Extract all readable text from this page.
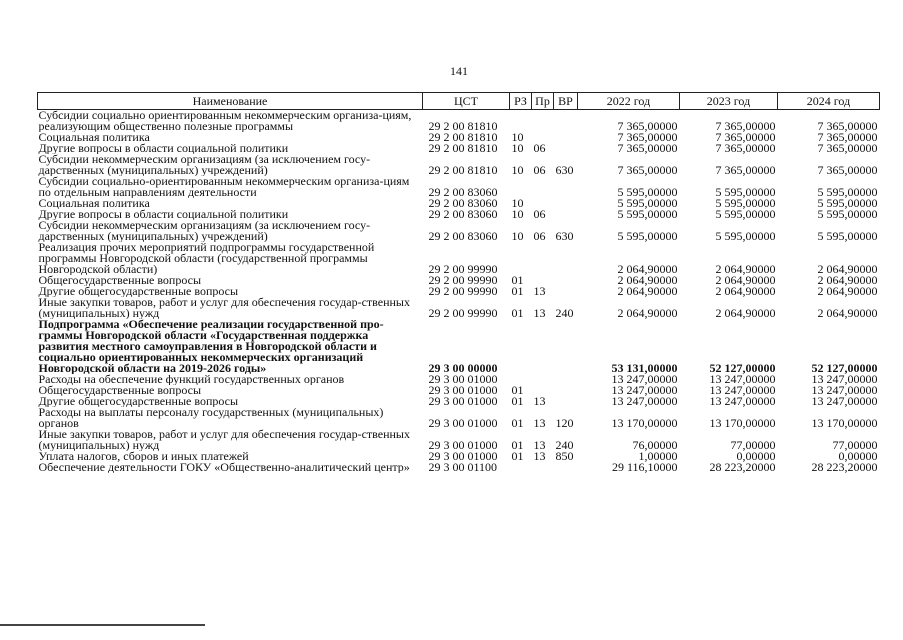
141
Наименование	ЦСТ	РЗ	Пр	ВР	2022 год	2023 год	2024 год
Субсидии социально ориентированным некоммерческим организа-циям, реализующим общественно полезные программы	29 2 00 81810				7 365,00000	7 365,00000	7 365,00000
Социальная политика	29 2 00 81810	10			7 365,00000	7 365,00000	7 365,00000
Другие вопросы в области социальной политики	29 2 00 81810	10	06		7 365,00000	7 365,00000	7 365,00000
Субсидии некоммерческим организациям (за исключением госу-дарственных (муниципальных) учреждений)	29 2 00 81810	10	06	630	7 365,00000	7 365,00000	7 365,00000
Субсидии социально-ориентированным некоммерческим организа-циям по отдельным направлениям деятельности	29 2 00 83060				5 595,00000	5 595,00000	5 595,00000
Социальная политика	29 2 00 83060	10			5 595,00000	5 595,00000	5 595,00000
Другие вопросы в области социальной политики	29 2 00 83060	10	06		5 595,00000	5 595,00000	5 595,00000
Субсидии некоммерческим организациям (за исключением госу-дарственных (муниципальных) учреждений)	29 2 00 83060	10	06	630	5 595,00000	5 595,00000	5 595,00000
Реализация прочих мероприятий подпрограммы государственной программы Новгородской области (государственной программы Новгородской области)	29 2 00 99990				2 064,90000	2 064,90000	2 064,90000
Общегосударственные вопросы	29 2 00 99990	01			2 064,90000	2 064,90000	2 064,90000
Другие общегосударственные вопросы	29 2 00 99990	01	13		2 064,90000	2 064,90000	2 064,90000
Иные закупки товаров, работ и услуг для обеспечения государ-ственных (муниципальных) нужд	29 2 00 99990	01	13	240	2 064,90000	2 064,90000	2 064,90000
Подпрограмма «Обеспечение реализации государственной про-граммы Новгородской области «Государственная поддержка развития местного самоуправления в Новгородской области и социально ориентированных некоммерческих организаций Новгородской области на 2019-2026 годы»	29 3 00 00000				53 131,00000	52 127,00000	52 127,00000
Расходы на обеспечение функций государственных органов	29 3 00 01000				13 247,00000	13 247,00000	13 247,00000
Общегосударственные вопросы	29 3 00 01000	01			13 247,00000	13 247,00000	13 247,00000
Другие общегосударственные вопросы	29 3 00 01000	01	13		13 247,00000	13 247,00000	13 247,00000
Расходы на выплаты персоналу государственных (муниципальных) органов	29 3 00 01000	01	13	120	13 170,00000	13 170,00000	13 170,00000
Иные закупки товаров, работ и услуг для обеспечения государ-ственных (муниципальных) нужд	29 3 00 01000	01	13	240	76,00000	77,00000	77,00000
Уплата налогов, сборов и иных платежей	29 3 00 01000	01	13	850	1,00000	0,00000	0,00000
Обеспечение деятельности ГОКУ «Общественно-аналитический центр»	29 3 00 01100				29 116,10000	28 223,20000	28 223,20000
